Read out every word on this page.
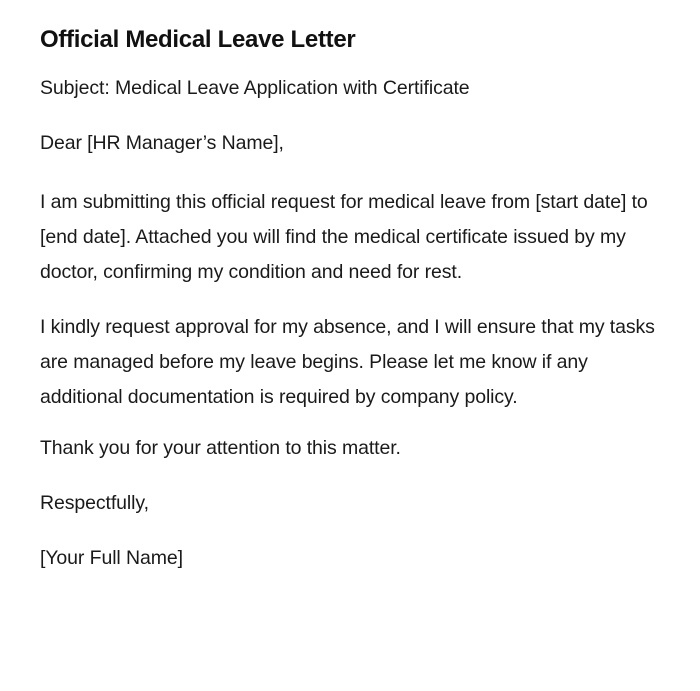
Official Medical Leave Letter

Subject: Medical Leave Application with Certificate

Dear [HR Manager’s Name],

I am submitting this official request for medical leave from [start date] to [end date]. Attached you will find the medical certificate issued by my doctor, confirming my condition and need for rest.

I kindly request approval for my absence, and I will ensure that my tasks are managed before my leave begins. Please let me know if any additional documentation is required by company policy.

Thank you for your attention to this matter.

Respectfully,

[Your Full Name]
